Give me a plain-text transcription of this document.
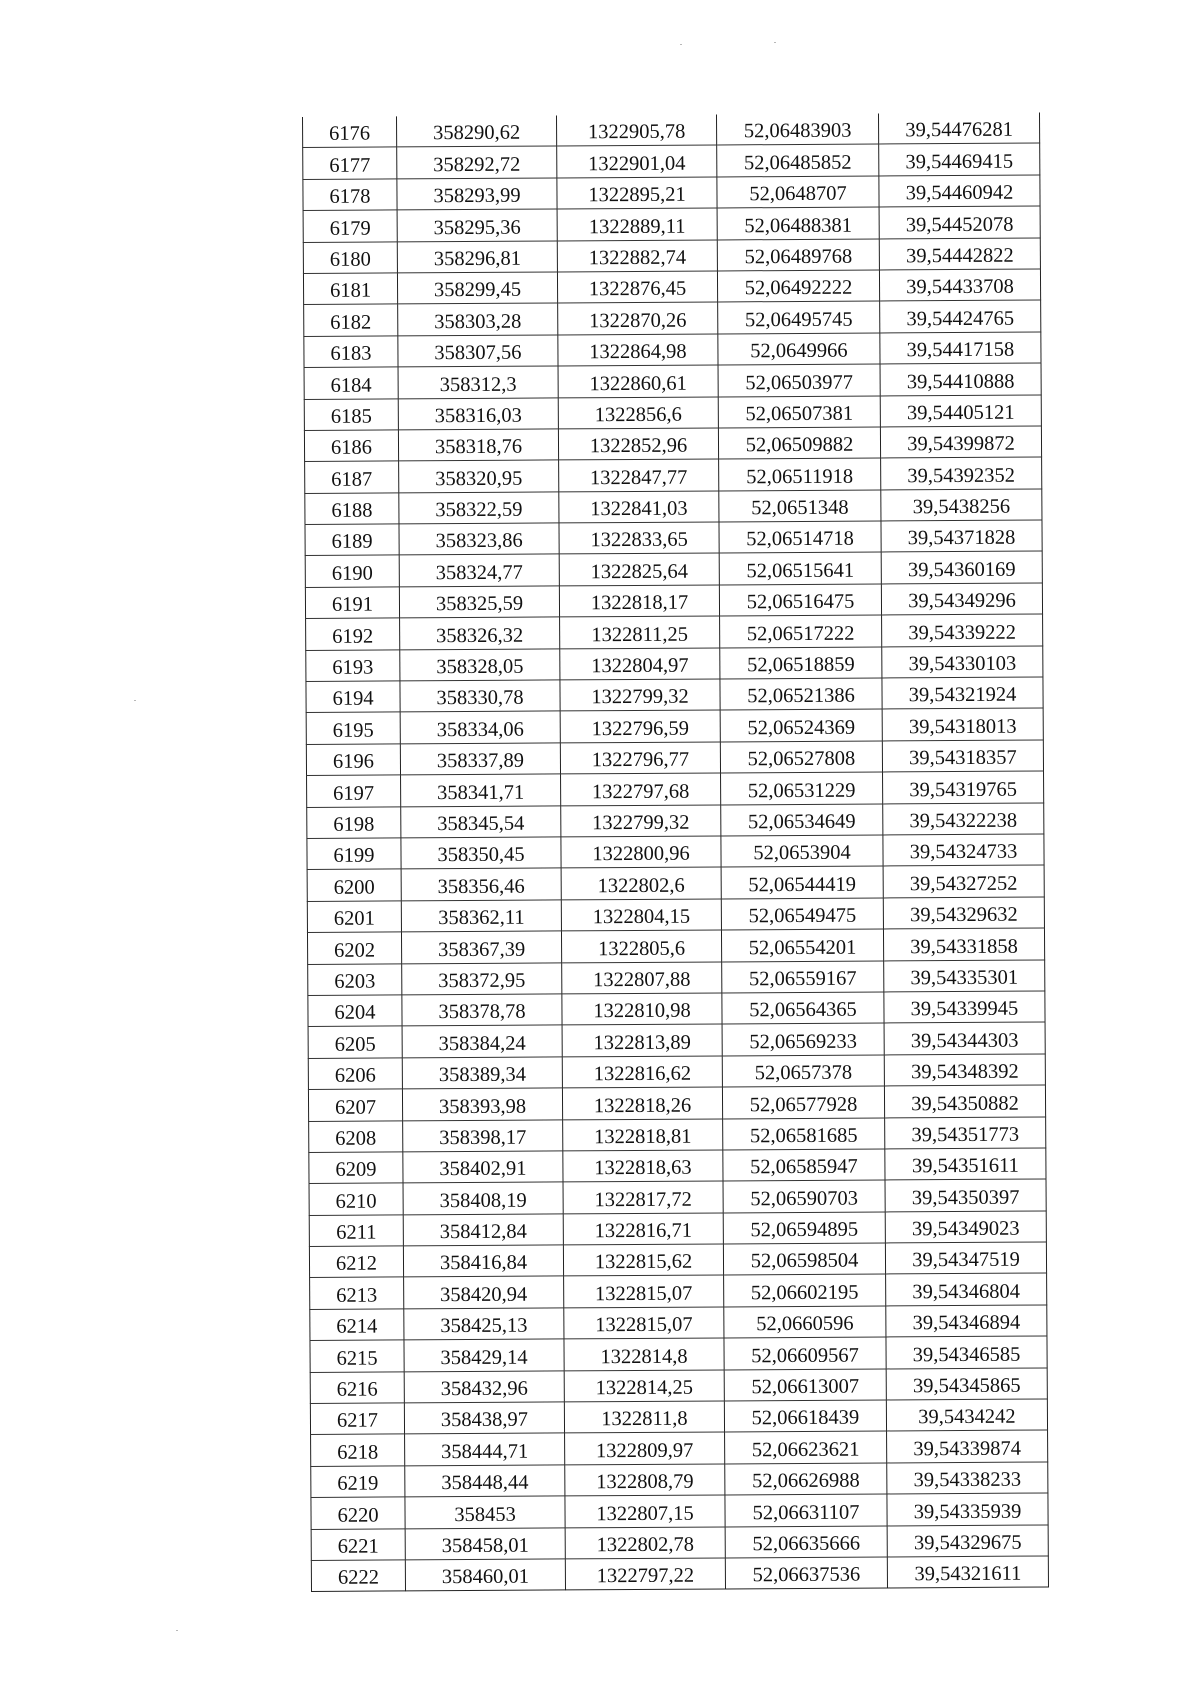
6176	358290,62	1322905,78	52,06483903	39,54476281
6177	358292,72	1322901,04	52,06485852	39,54469415
6178	358293,99	1322895,21	52,0648707	39,54460942
6179	358295,36	1322889,11	52,06488381	39,54452078
6180	358296,81	1322882,74	52,06489768	39,54442822
6181	358299,45	1322876,45	52,06492222	39,54433708
6182	358303,28	1322870,26	52,06495745	39,54424765
6183	358307,56	1322864,98	52,0649966	39,54417158
6184	358312,3	1322860,61	52,06503977	39,54410888
6185	358316,03	1322856,6	52,06507381	39,54405121
6186	358318,76	1322852,96	52,06509882	39,54399872
6187	358320,95	1322847,77	52,06511918	39,54392352
6188	358322,59	1322841,03	52,0651348	39,5438256
6189	358323,86	1322833,65	52,06514718	39,54371828
6190	358324,77	1322825,64	52,06515641	39,54360169
6191	358325,59	1322818,17	52,06516475	39,54349296
6192	358326,32	1322811,25	52,06517222	39,54339222
6193	358328,05	1322804,97	52,06518859	39,54330103
6194	358330,78	1322799,32	52,06521386	39,54321924
6195	358334,06	1322796,59	52,06524369	39,54318013
6196	358337,89	1322796,77	52,06527808	39,54318357
6197	358341,71	1322797,68	52,06531229	39,54319765
6198	358345,54	1322799,32	52,06534649	39,54322238
6199	358350,45	1322800,96	52,0653904	39,54324733
6200	358356,46	1322802,6	52,06544419	39,54327252
6201	358362,11	1322804,15	52,06549475	39,54329632
6202	358367,39	1322805,6	52,06554201	39,54331858
6203	358372,95	1322807,88	52,06559167	39,54335301
6204	358378,78	1322810,98	52,06564365	39,54339945
6205	358384,24	1322813,89	52,06569233	39,54344303
6206	358389,34	1322816,62	52,0657378	39,54348392
6207	358393,98	1322818,26	52,06577928	39,54350882
6208	358398,17	1322818,81	52,06581685	39,54351773
6209	358402,91	1322818,63	52,06585947	39,54351611
6210	358408,19	1322817,72	52,06590703	39,54350397
6211	358412,84	1322816,71	52,06594895	39,54349023
6212	358416,84	1322815,62	52,06598504	39,54347519
6213	358420,94	1322815,07	52,06602195	39,54346804
6214	358425,13	1322815,07	52,0660596	39,54346894
6215	358429,14	1322814,8	52,06609567	39,54346585
6216	358432,96	1322814,25	52,06613007	39,54345865
6217	358438,97	1322811,8	52,06618439	39,5434242
6218	358444,71	1322809,97	52,06623621	39,54339874
6219	358448,44	1322808,79	52,06626988	39,54338233
6220	358453	1322807,15	52,06631107	39,54335939
6221	358458,01	1322802,78	52,06635666	39,54329675
6222	358460,01	1322797,22	52,06637536	39,54321611
